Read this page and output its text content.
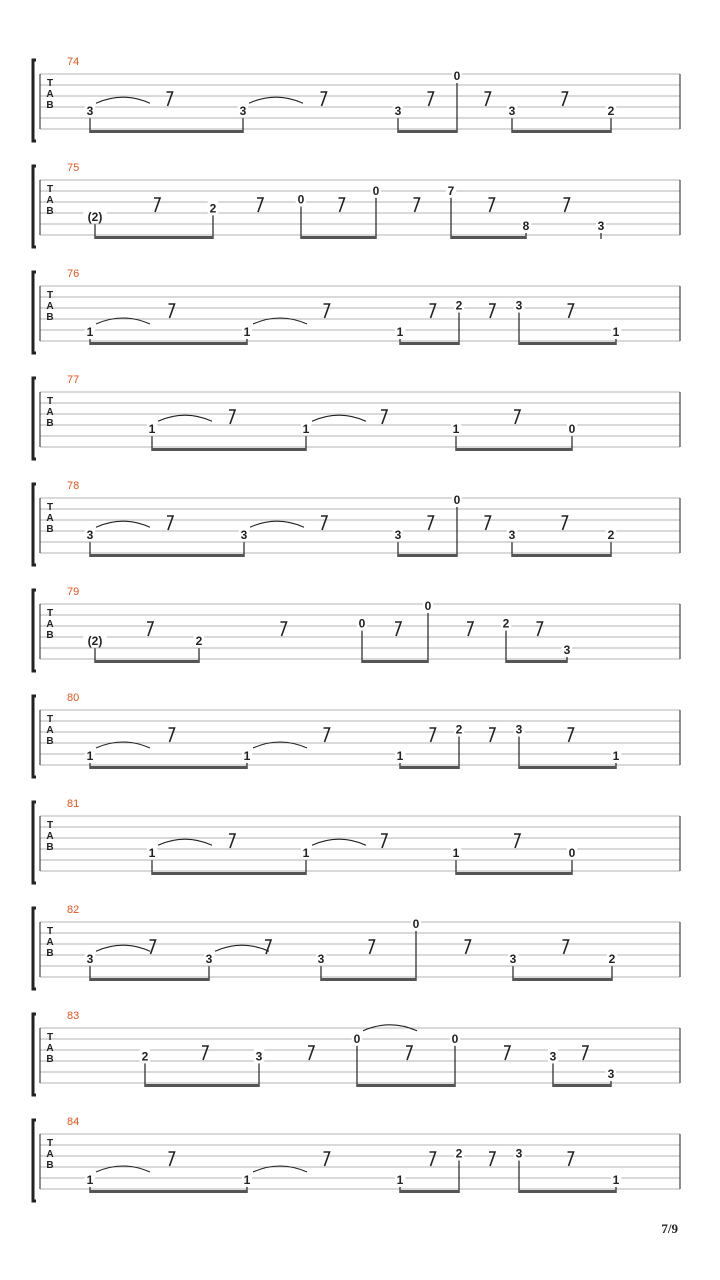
74
T
A
B	3	3	3
0
3	2
75
T
A
B	(2)
2
0
0	7
8	3
76
T
A
B
1	1	1
2	3
1
77
T
A
B	1	1	1	0
78
T
A
B	3	3	3
0
3	2
79
T
A
B	(2)	2
0
0
2
3
80
T
A
B
1	1	1
2	3
1
81
T
A
B	1	1	1	0
82
T
A
B	3	3	3
0
3	2
83
T
A
B	2	3
0	0
3
3
84
T
A
B
1	1	1
2	3
1
7/9
